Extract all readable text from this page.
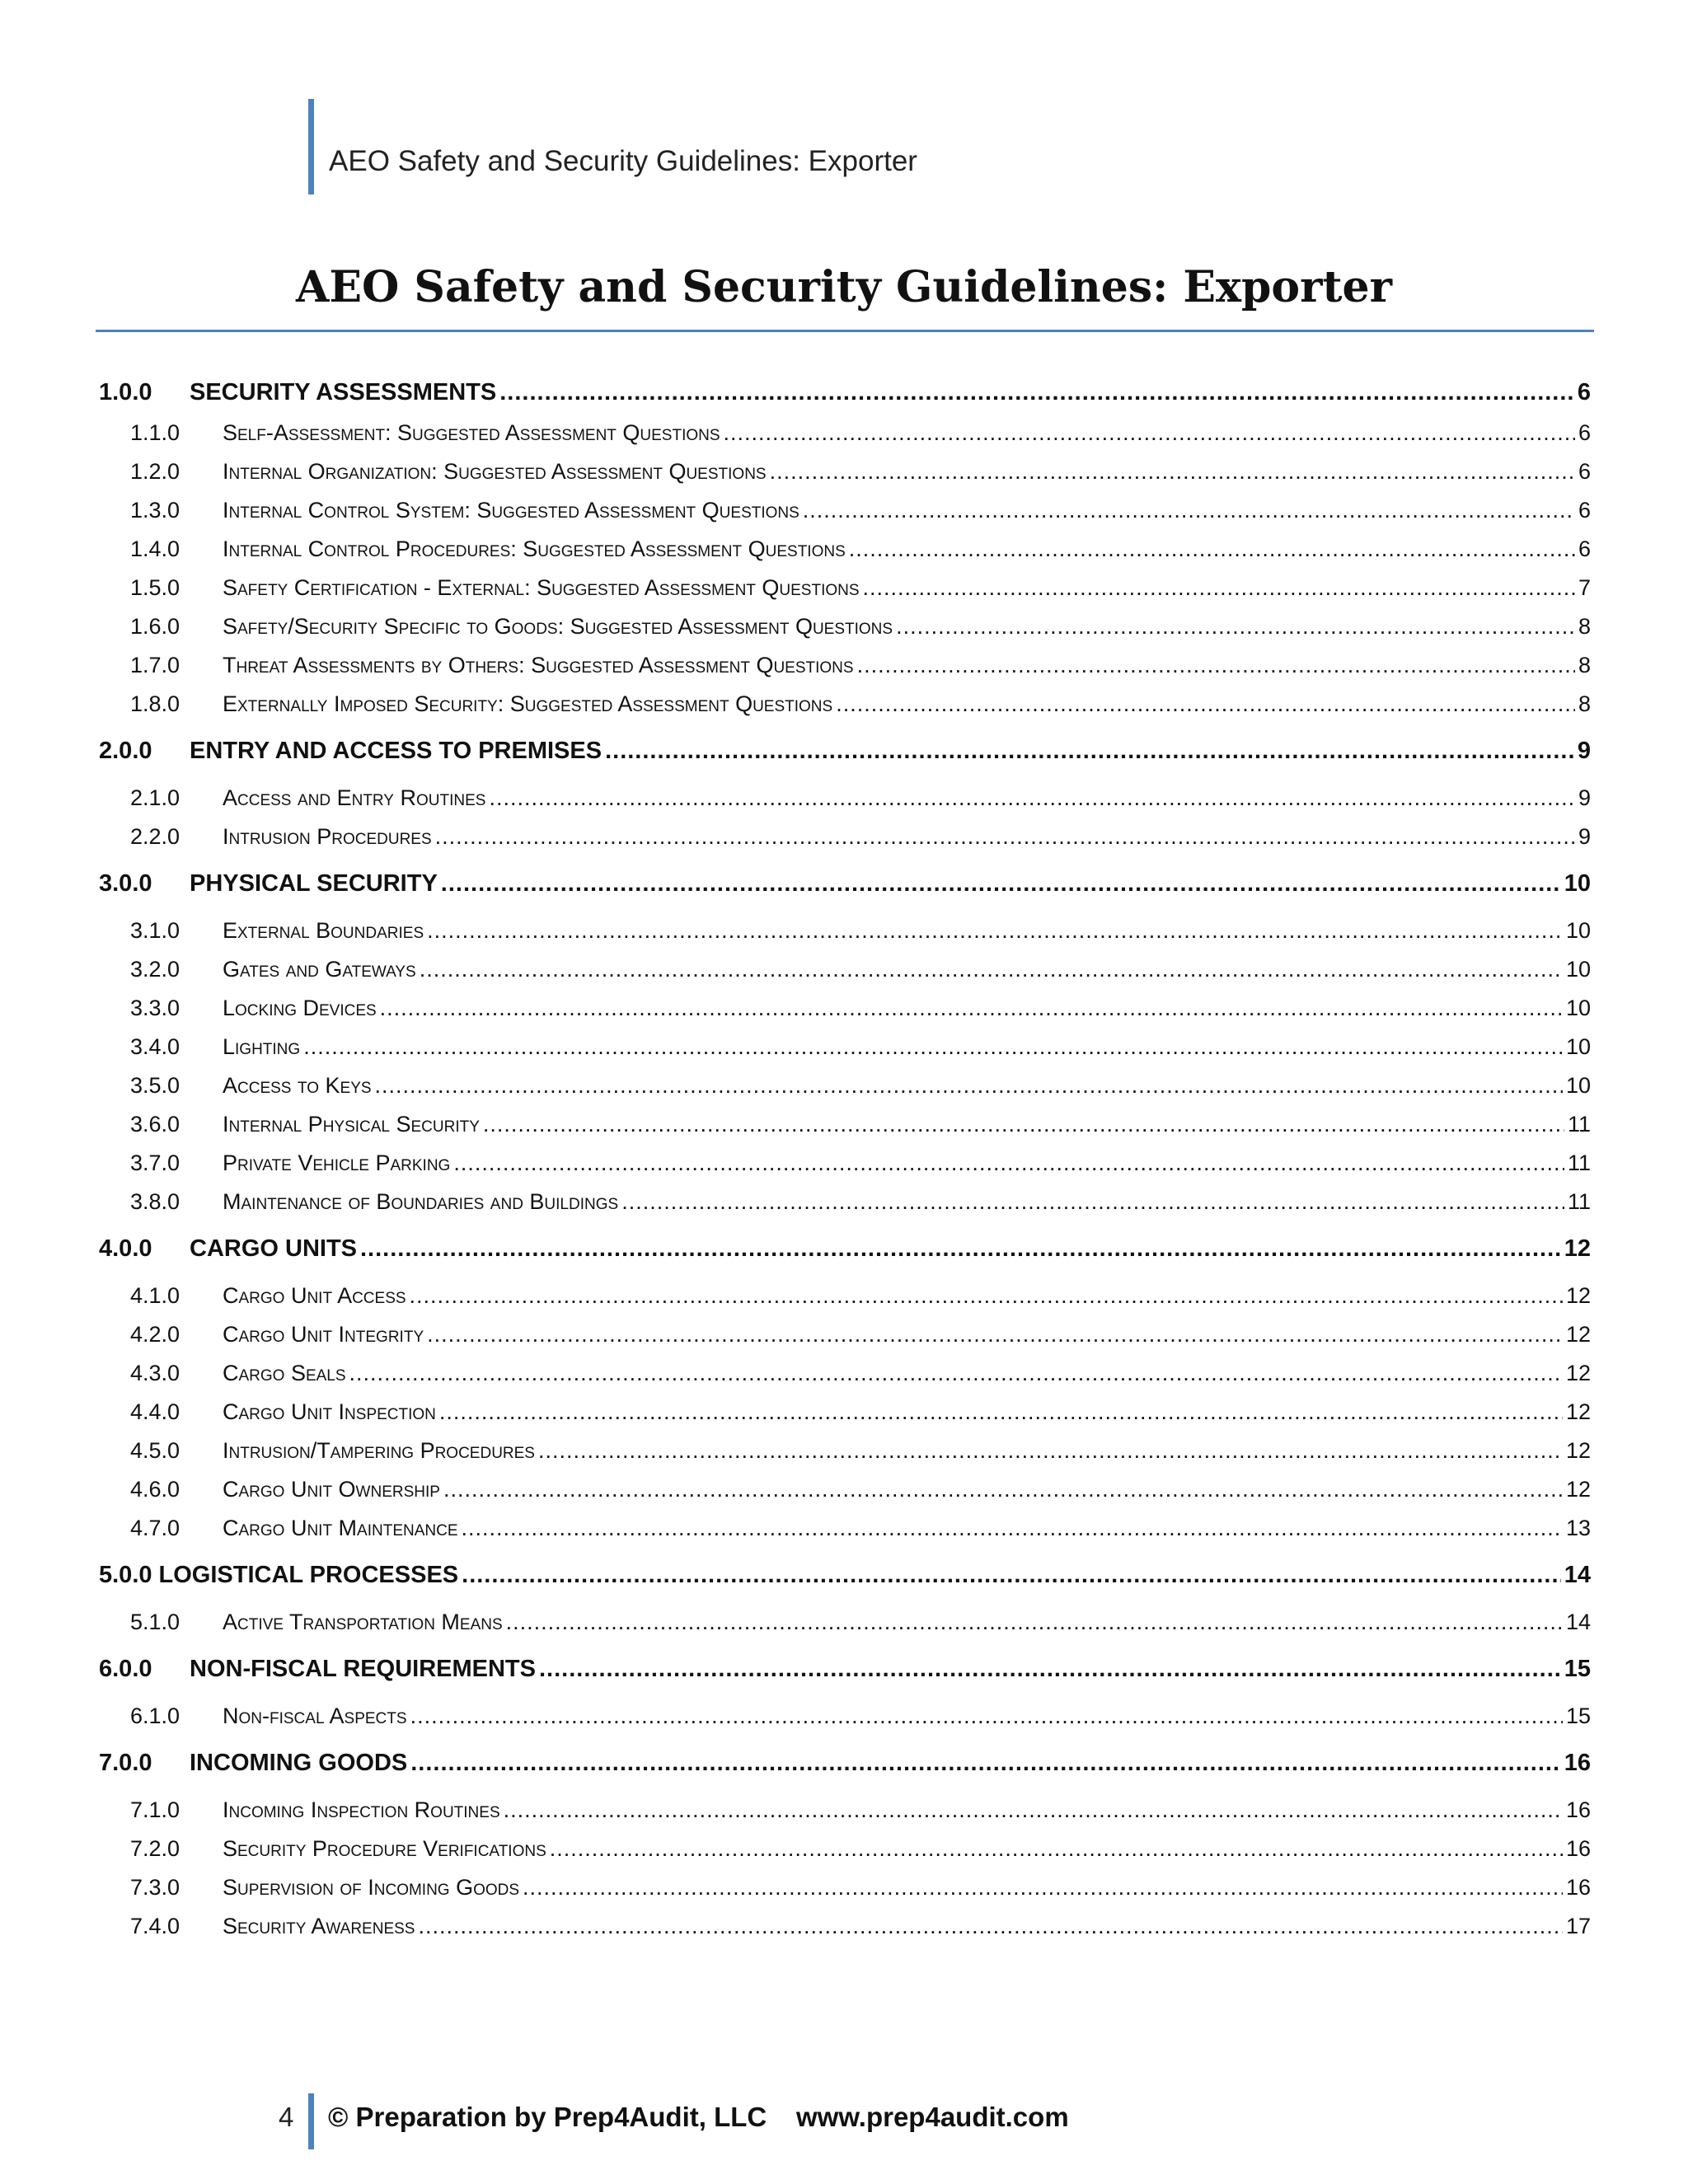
AEO Safety and Security Guidelines: Exporter
AEO Safety and Security Guidelines: Exporter
1.0.0	SECURITY ASSESSMENTS .....	6
1.1.0	Self-Assessment: Suggested Assessment Questions .....	6
1.2.0	Internal Organization: Suggested Assessment Questions .....	6
1.3.0	Internal Control System: Suggested Assessment Questions .....	6
1.4.0	Internal Control Procedures: Suggested Assessment Questions .....	6
1.5.0	Safety Certification - External: Suggested Assessment Questions .....	7
1.6.0	Safety/Security Specific to Goods: Suggested Assessment Questions .....	8
1.7.0	Threat Assessments by Others: Suggested Assessment Questions .....	8
1.8.0	Externally Imposed Security: Suggested Assessment Questions .....	8
2.0.0	ENTRY AND ACCESS TO PREMISES .....	9
2.1.0	Access and Entry Routines .....	9
2.2.0	Intrusion Procedures .....	9
3.0.0	PHYSICAL SECURITY .....	10
3.1.0	External Boundaries .....	10
3.2.0	Gates and Gateways .....	10
3.3.0	Locking Devices .....	10
3.4.0	Lighting .....	10
3.5.0	Access to Keys .....	10
3.6.0	Internal Physical Security .....	11
3.7.0	Private Vehicle Parking .....	11
3.8.0	Maintenance of Boundaries and Buildings .....	11
4.0.0	CARGO UNITS .....	12
4.1.0	Cargo Unit Access .....	12
4.2.0	Cargo Unit Integrity .....	12
4.3.0	Cargo Seals .....	12
4.4.0	Cargo Unit Inspection .....	12
4.5.0	Intrusion/Tampering Procedures .....	12
4.6.0	Cargo Unit Ownership .....	12
4.7.0	Cargo Unit Maintenance .....	13
5.0.0 LOGISTICAL PROCESSES .....	14
5.1.0	Active Transportation Means .....	14
6.0.0	NON-FISCAL REQUIREMENTS .....	15
6.1.0	Non-fiscal Aspects .....	15
7.0.0	INCOMING GOODS .....	16
7.1.0	Incoming Inspection Routines .....	16
7.2.0	Security Procedure Verifications .....	16
7.3.0	Supervision of Incoming Goods .....	16
7.4.0	Security Awareness .....	17
4 © Preparation by Prep4Audit, LLC www.prep4audit.com
